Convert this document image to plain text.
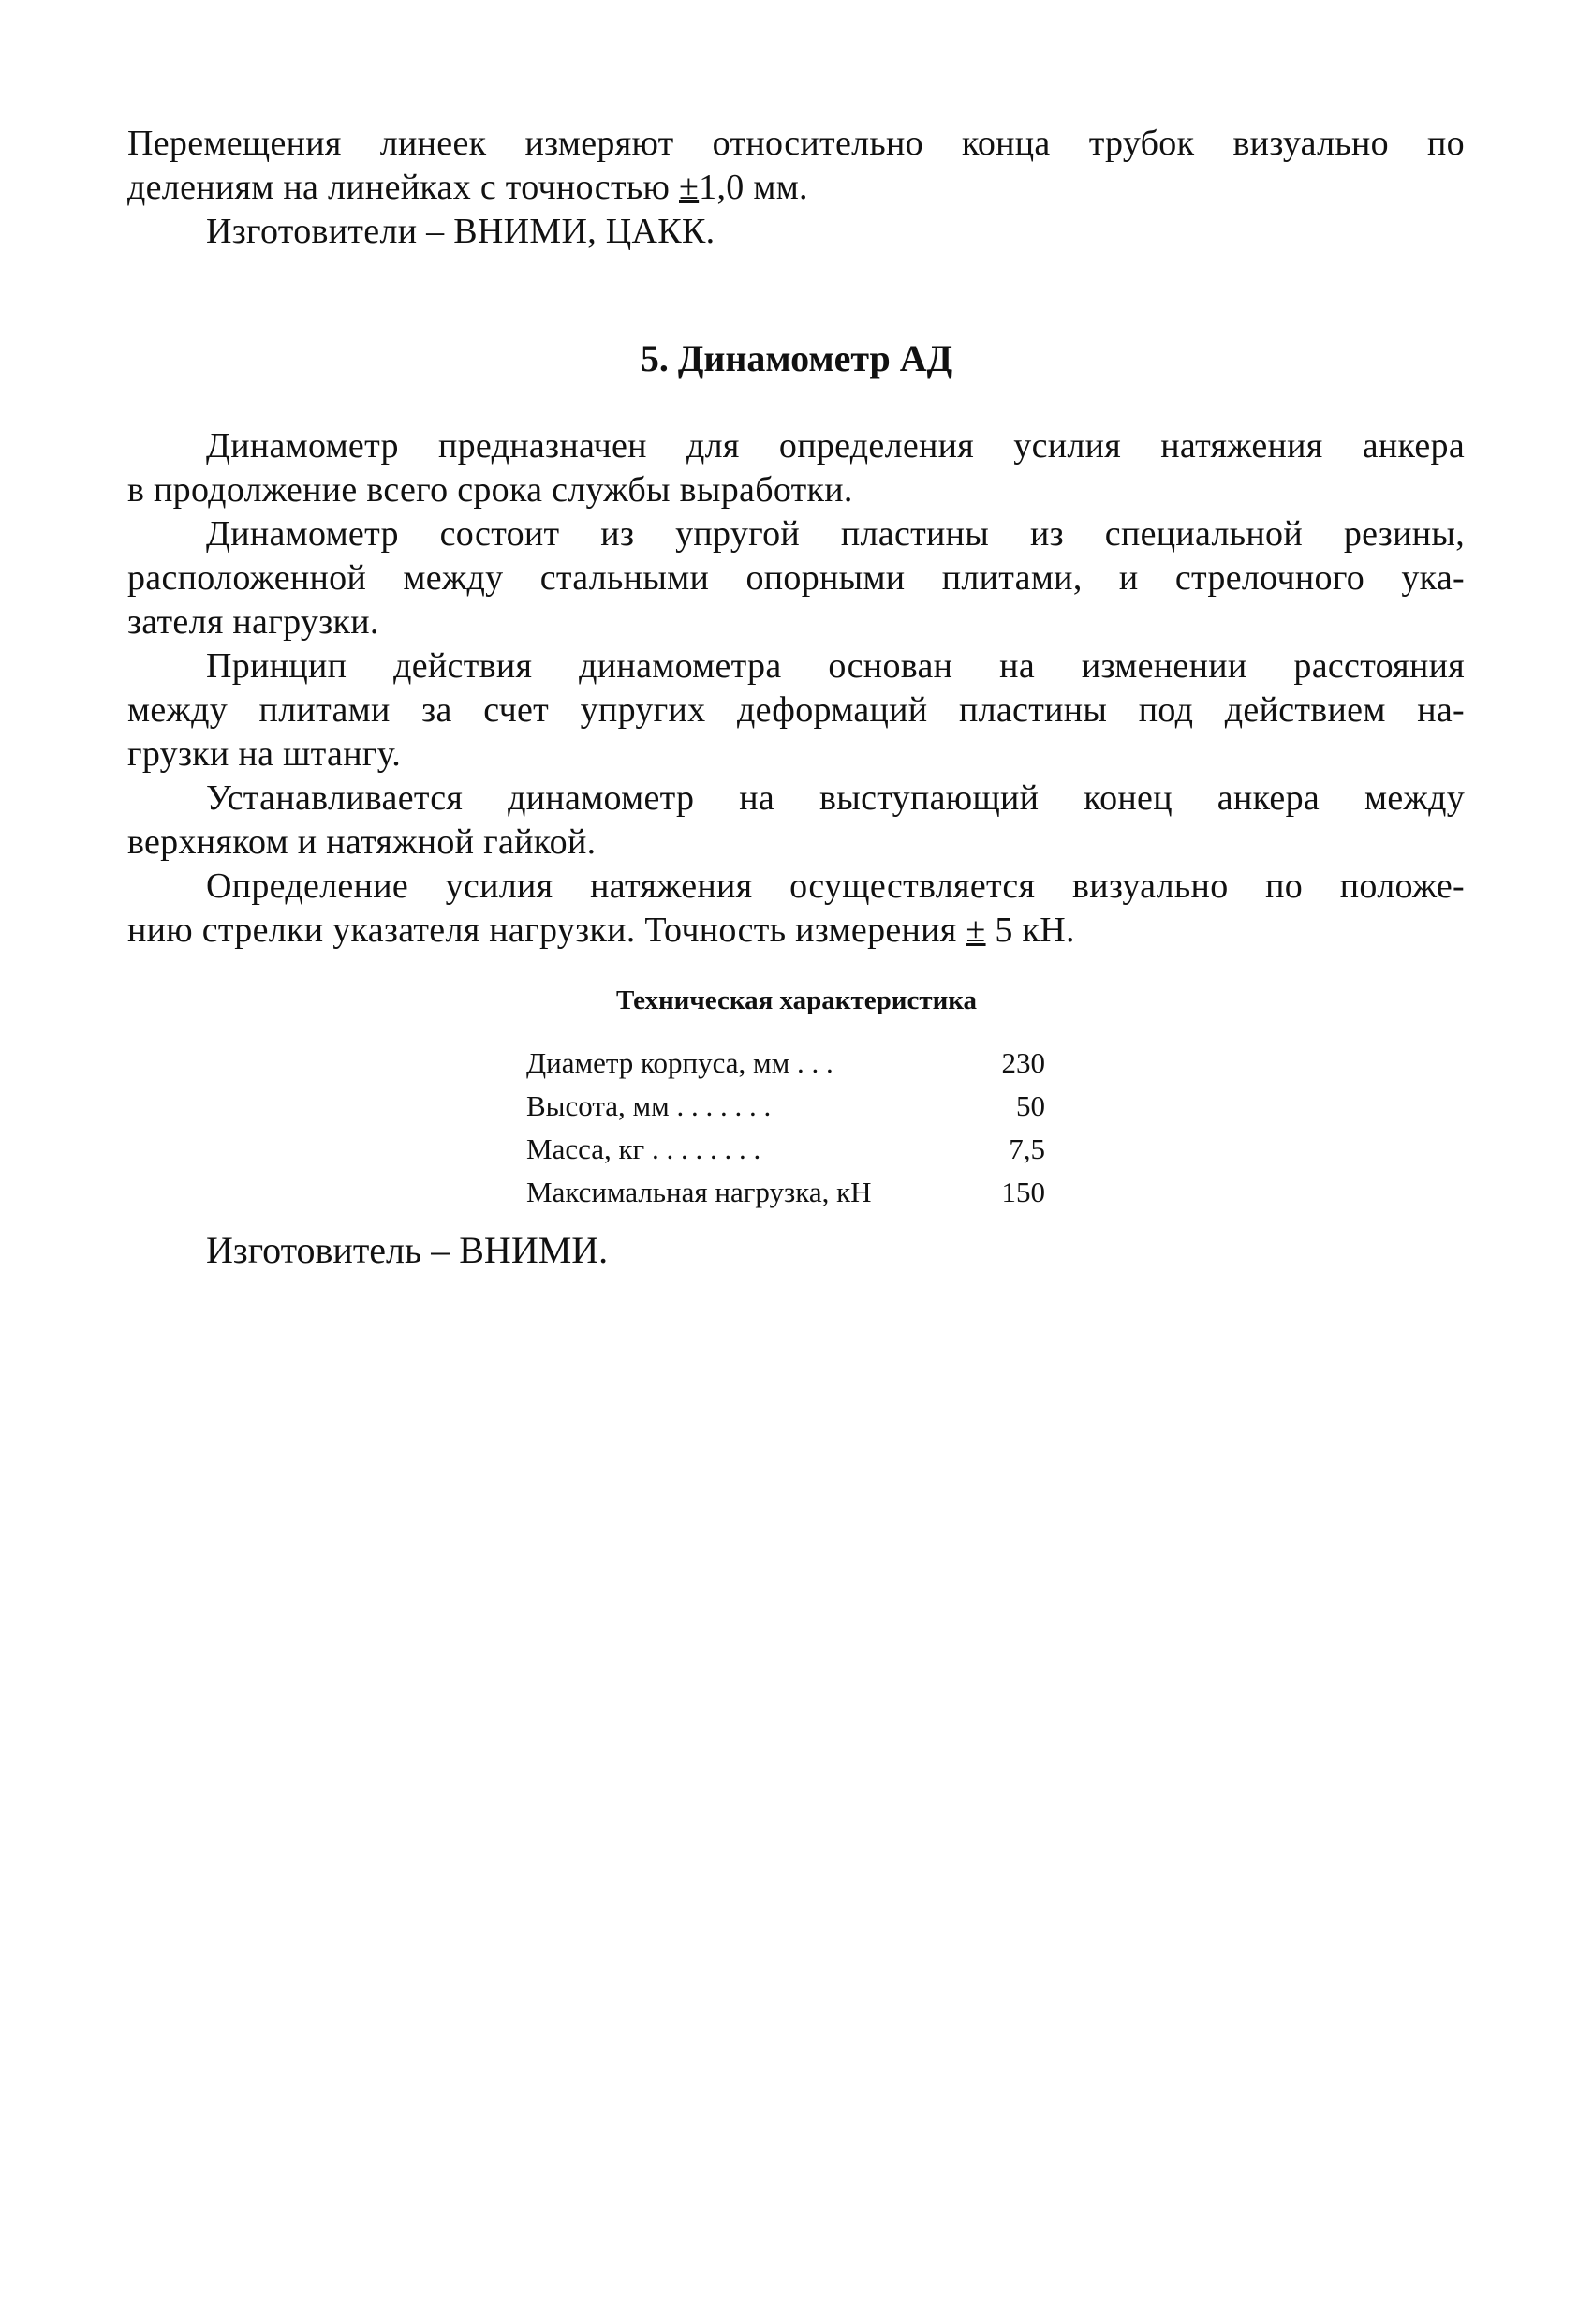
Перемещения линеек измеряют относительно конца трубок визуально по
делениям на линейках с точностью ±1,0 мм.
Изготовители – ВНИМИ, ЦАКК.
5. Динамометр АД
Динамометр предназначен для определения усилия натяжения анкера
в продолжение всего срока службы выработки.
Динамометр состоит из упругой пластины из специальной резины,
расположенной между стальными опорными плитами, и стрелочного ука-
зателя нагрузки.
Принцип действия динамометра основан на изменении расстояния
между плитами за счет упругих деформаций пластины под действием на-
грузки на штангу.
Устанавливается динамометр на выступающий конец анкера между
верхняком и натяжной гайкой.
Определение усилия натяжения осуществляется визуально по положе-
нию стрелки указателя нагрузки. Точность измерения ± 5 кН.
Техническая характеристика
Диаметр корпуса, мм . . .	230
Высота, мм . . . . . . .	50
Масса, кг . . . . . . . .	7,5
Максимальная нагрузка, кН	150
Изготовитель – ВНИМИ.
